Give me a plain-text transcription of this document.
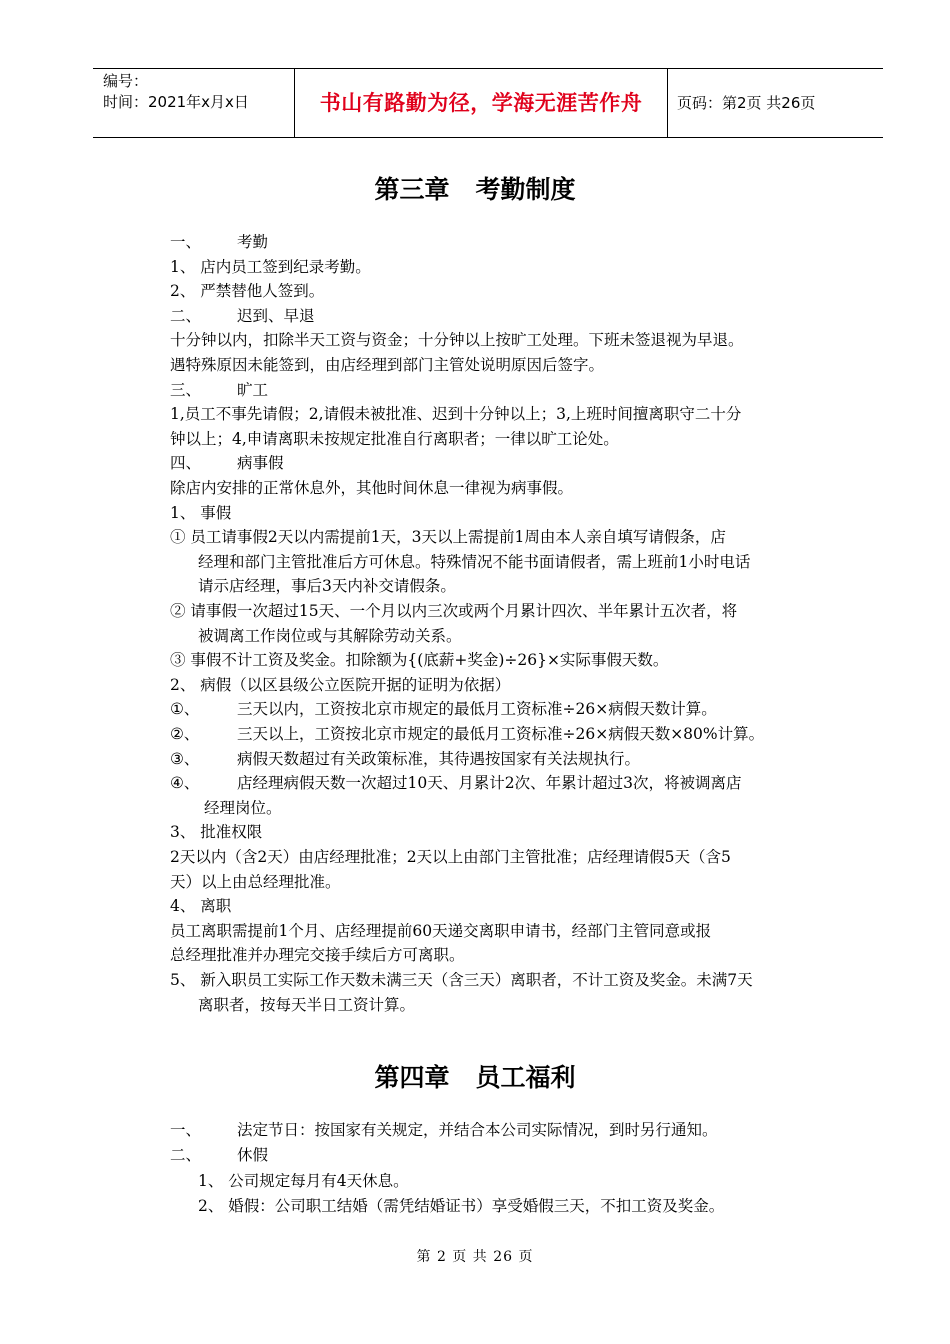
编号：
时间：2021年x月x日	书山有路勤为径，学海无涯苦作舟	页码：第2页 共26页
第三章 考勤制度
一、 考勤
1、 店内员工签到纪录考勤。
2、 严禁替他人签到。
二、 迟到、早退
十分钟以内，扣除半天工资与资金；十分钟以上按旷工处理。下班未签退视为早退。
遇特殊原因未能签到，由店经理到部门主管处说明原因后签字。
三、 旷工
1,员工不事先请假；2,请假未被批准、迟到十分钟以上；3,上班时间擅离职守二十分
钟以上；4,申请离职未按规定批准自行离职者；一律以旷工论处。
四、 病事假
除店内安排的正常休息外，其他时间休息一律视为病事假。
1、 事假
① 员工请事假2天以内需提前1天，3天以上需提前1周由本人亲自填写请假条，店
经理和部门主管批准后方可休息。特殊情况不能书面请假者，需上班前1小时电话
请示店经理，事后3天内补交请假条。
② 请事假一次超过15天、一个月以内三次或两个月累计四次、半年累计五次者，将
被调离工作岗位或与其解除劳动关系。
③ 事假不计工资及奖金。扣除额为{(底薪+奖金)÷26}×实际事假天数。
2、 病假（以区县级公立医院开据的证明为依据）
①、 三天以内，工资按北京市规定的最低月工资标准÷26×病假天数计算。
②、 三天以上，工资按北京市规定的最低月工资标准÷26×病假天数×80%计算。
③、 病假天数超过有关政策标准，其待遇按国家有关法规执行。
④、 店经理病假天数一次超过10天、月累计2次、年累计超过3次，将被调离店
经理岗位。
3、 批准权限
2天以内（含2天）由店经理批准；2天以上由部门主管批准；店经理请假5天（含5
天）以上由总经理批准。
4、 离职
员工离职需提前1个月、店经理提前60天递交离职申请书，经部门主管同意或报
总经理批准并办理完交接手续后方可离职。
5、 新入职员工实际工作天数未满三天（含三天）离职者，不计工资及奖金。未满7天
离职者，按每天半日工资计算。
第四章 员工福利
一、 法定节日：按国家有关规定，并结合本公司实际情况，到时另行通知。
二、 休假
1、 公司规定每月有4天休息。
2、 婚假：公司职工结婚（需凭结婚证书）享受婚假三天，不扣工资及奖金。
第 2 页 共 26 页
